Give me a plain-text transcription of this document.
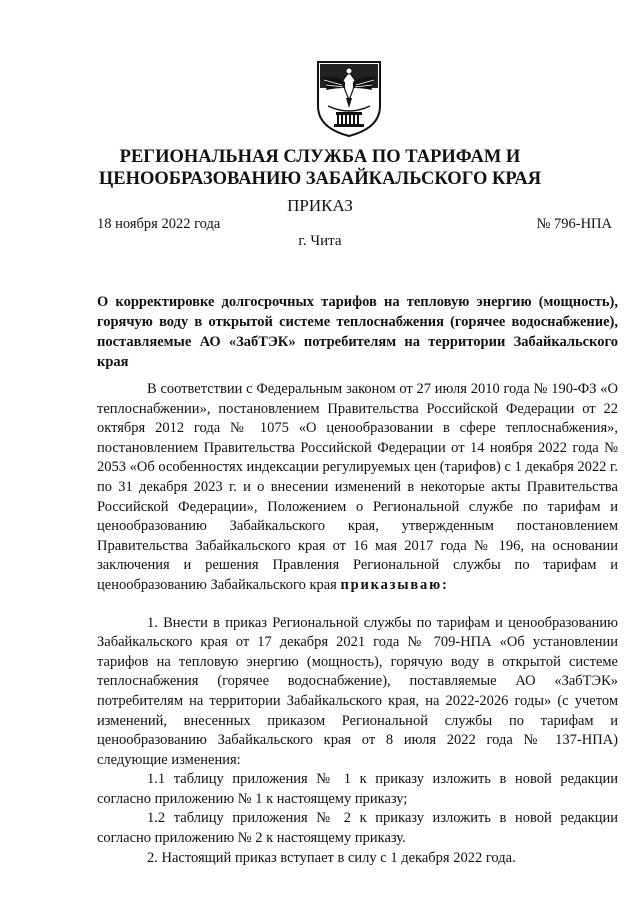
РЕГИОНАЛЬНАЯ СЛУЖБА ПО ТАРИФАМ И
ЦЕНООБРАЗОВАНИЮ ЗАБАЙКАЛЬСКОГО КРАЯ
ПРИКАЗ
18 ноября 2022 года	№ 796-НПА
г. Чита
О корректировке долгосрочных тарифов на тепловую энергию (мощность), горячую воду в открытой системе теплоснабжения (горячее водоснабжение), поставляемые АО «ЗабТЭК» потребителям на территории Забайкальского края

В соответствии с Федеральным законом от 27 июля 2010 года № 190-ФЗ «О теплоснабжении», постановлением Правительства Российской Федерации от 22 октября 2012 года № 1075 «О ценообразовании в сфере теплоснабжения», постановлением Правительства Российской Федерации от 14 ноября 2022 года № 2053 «Об особенностях индексации регулируемых цен (тарифов) с 1 декабря 2022 г. по 31 декабря 2023 г. и о внесении изменений в некоторые акты Правительства Российской Федерации», Положением о Региональной службе по тарифам и ценообразованию Забайкальского края, утвержденным постановлением Правительства Забайкальского края от 16 мая 2017 года № 196, на основании заключения и решения Правления Региональной службы по тарифам и ценообразованию Забайкальского края приказываю:

1. Внести в приказ Региональной службы по тарифам и ценообразованию Забайкальского края от 17 декабря 2021 года № 709-НПА «Об установлении тарифов на тепловую энергию (мощность), горячую воду в открытой системе теплоснабжения (горячее водоснабжение), поставляемые АО «ЗабТЭК» потребителям на территории Забайкальского края, на 2022-2026 годы» (с учетом изменений, внесенных приказом Региональной службы по тарифам и ценообразованию Забайкальского края от 8 июля 2022 года № 137-НПА) следующие изменения:

1.1 таблицу приложения № 1 к приказу изложить в новой редакции согласно приложению № 1 к настоящему приказу;

1.2 таблицу приложения № 2 к приказу изложить в новой редакции согласно приложению № 2 к настоящему приказу.

2. Настоящий приказ вступает в силу с 1 декабря 2022 года.
